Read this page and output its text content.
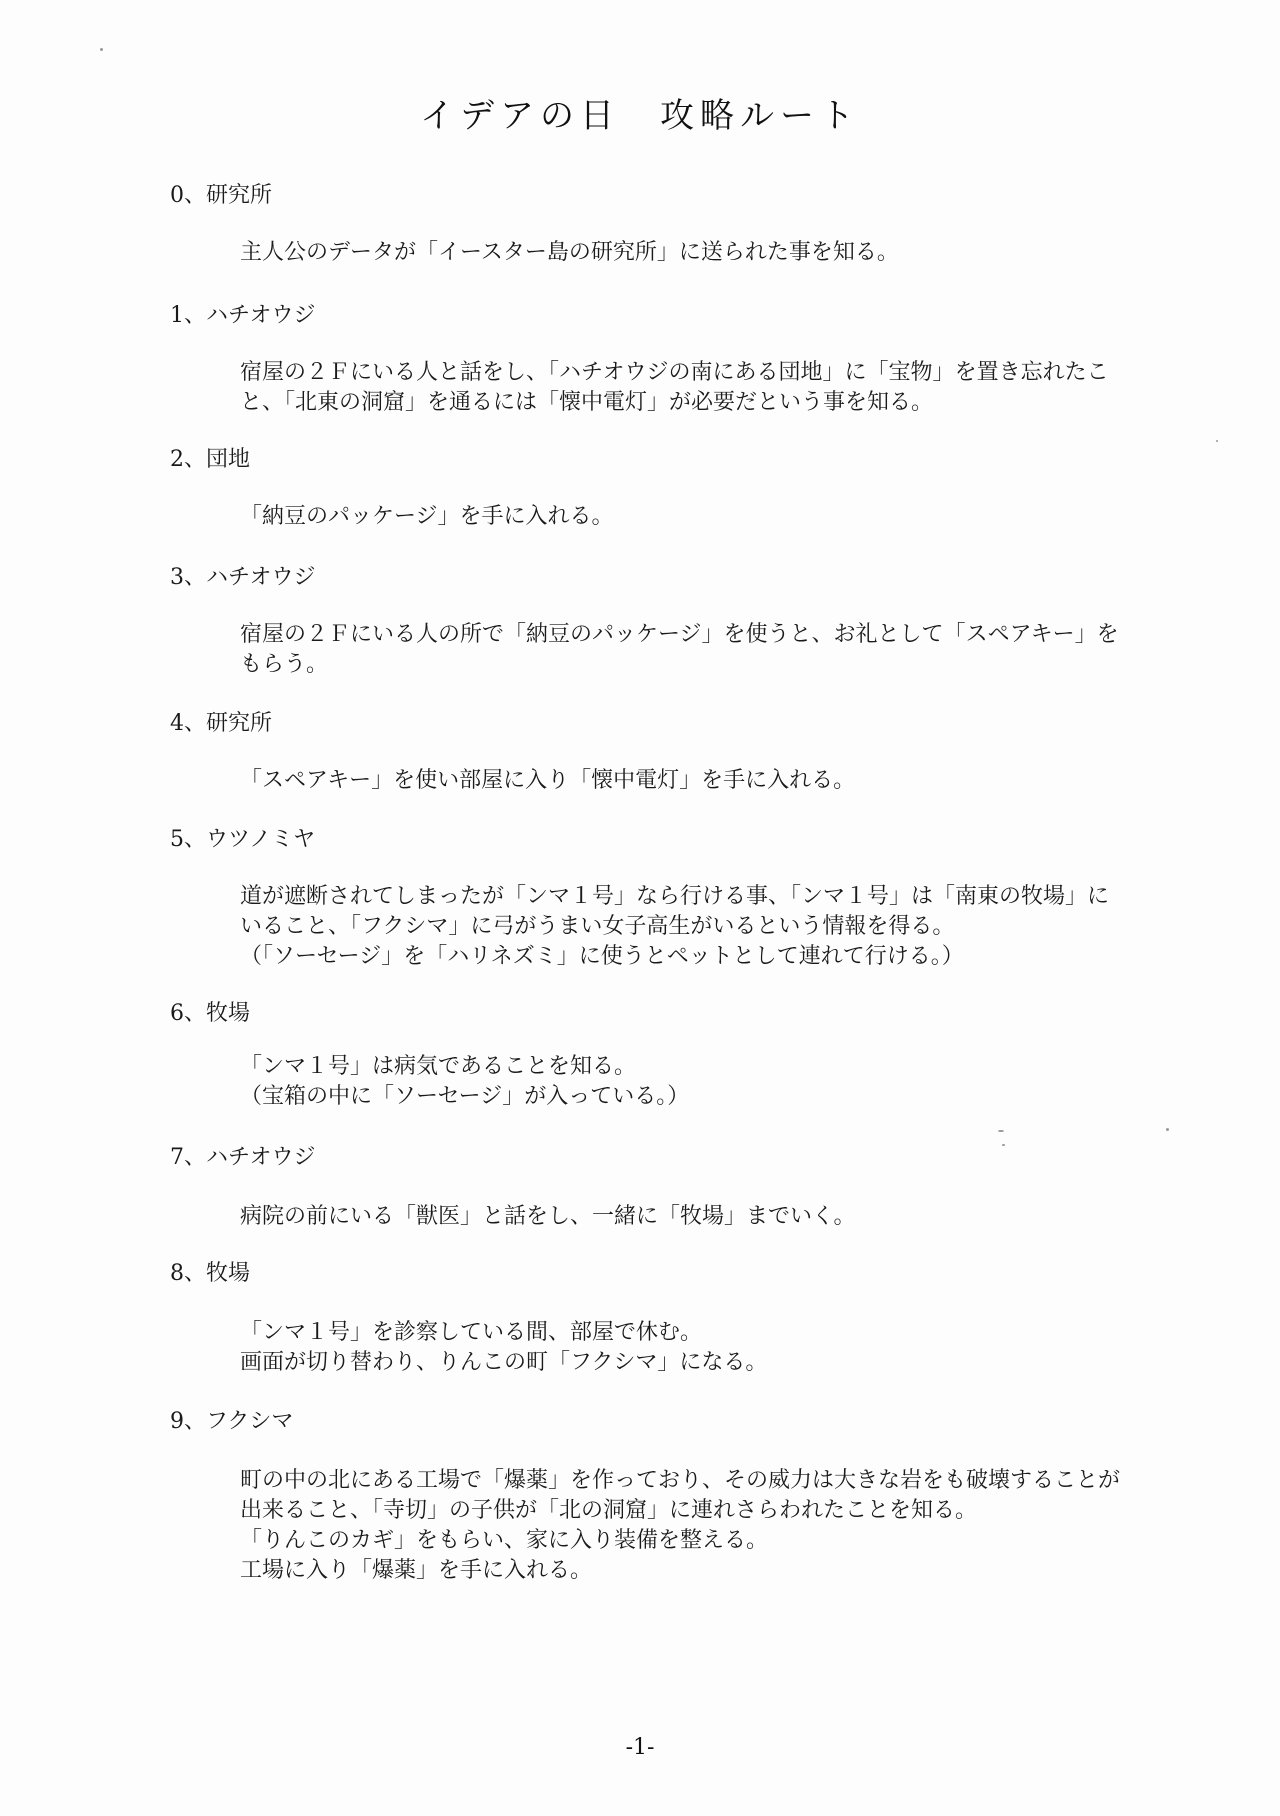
イデアの日　攻略ルート
0、研究所

主人公のデータが「イースター島の研究所」に送られた事を知る。

1、ハチオウジ

宿屋の２Ｆにいる人と話をし、「ハチオウジの南にある団地」に「宝物」を置き忘れたこ

と、「北東の洞窟」を通るには「懐中電灯」が必要だという事を知る。

2、団地

「納豆のパッケージ」を手に入れる。

3、ハチオウジ

宿屋の２Ｆにいる人の所で「納豆のパッケージ」を使うと、お礼として「スペアキー」を

もらう。

4、研究所

「スペアキー」を使い部屋に入り「懐中電灯」を手に入れる。

5、ウツノミヤ

道が遮断されてしまったが「ンマ１号」なら行ける事、「ンマ１号」は「南東の牧場」に

いること、「フクシマ」に弓がうまい女子高生がいるという情報を得る。

（「ソーセージ」を「ハリネズミ」に使うとペットとして連れて行ける。）

6、牧場

「ンマ１号」は病気であることを知る。

（宝箱の中に「ソーセージ」が入っている。）

7、ハチオウジ

病院の前にいる「獣医」と話をし、一緒に「牧場」までいく。

8、牧場

「ンマ１号」を診察している間、部屋で休む。

画面が切り替わり、りんこの町「フクシマ」になる。

9、フクシマ

町の中の北にある工場で「爆薬」を作っており、その威力は大きな岩をも破壊することが

出来ること、「寺切」の子供が「北の洞窟」に連れさらわれたことを知る。

「りんこのカギ」をもらい、家に入り装備を整える。

工場に入り「爆薬」を手に入れる。

-1-
